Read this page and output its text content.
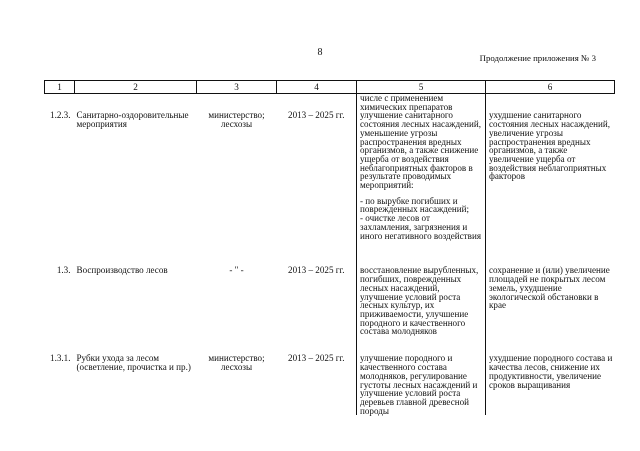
8	Продолжение приложения № 3
1	2	3	4	5	6

				числе с применением химических препаратов	

1.2.3.	Санитарно-оздоровительные мероприятия	министерство; лесхозы	2013 – 2025 гг.	улучшение санитарного состояния лесных насаждений, уменьшение угрозы распространения вредных организмов, а также снижение ущерба от воздействия неблагоприятных факторов в результате проводимых мероприятий:

- по вырубке погибших и поврежденных насаждений;

- очистке лесов от захламления, загрязнения и иного негативного воздействия	ухудшение санитарного состояния лесных насаждений, увеличение угрозы распространения вредных организмов, а также увеличение ущерба от воздействия неблагоприятных факторов
1.3.	Воспроизводство лесов	- " -	2013 – 2025 гг.	восстановление вырубленных, погибших, поврежденных лесных насаждений, улучшение условий роста лесных культур, их приживаемости, улучшение породного и качественного состава молодняков	сохранение и (или) увеличение площадей не покрытых лесом земель, ухудшение экологической обстановки в крае
1.3.1.	Рубки ухода за лесом (осветление, прочистка и пр.)	министерство; лесхозы	2013 – 2025 гг.	улучшение породного и качественного состава молодняков, регулирование густоты лесных насаждений и улучшение условий роста деревьев главной древесной породы	ухудшение породного состава и качества лесов, снижение их продуктивности, увеличение сроков выращивания
